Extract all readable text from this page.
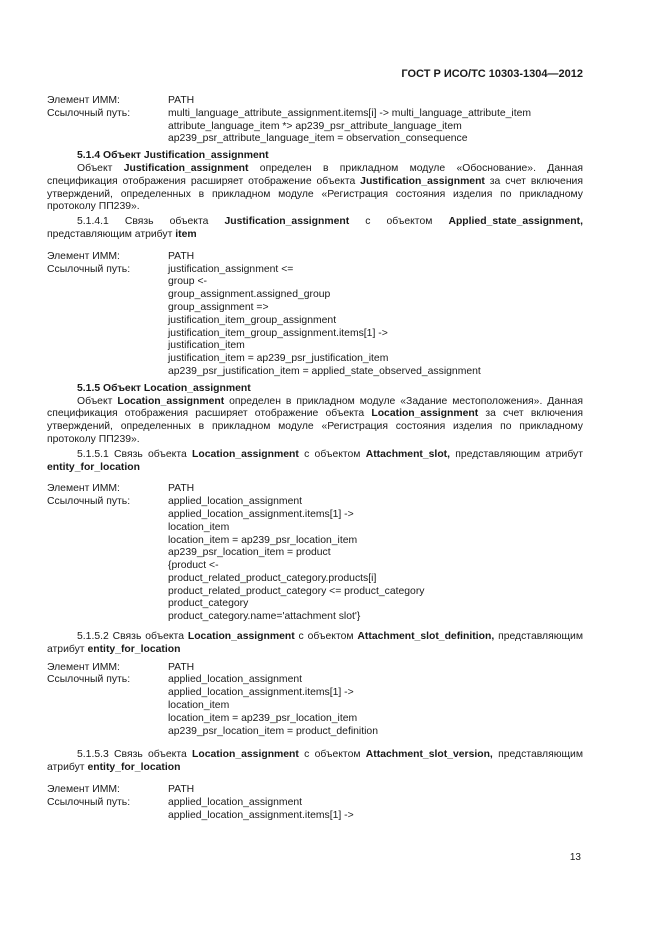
ГОСТ Р ИСО/ТС 10303-1304—2012
Элемент ИММ:	PATH
Ссылочный путь:	multi_language_attribute_assignment.items[i] -> multi_language_attribute_item
attribute_language_item *> ap239_psr_attribute_language_item
ap239_psr_attribute_language_item = observation_consequence
5.1.4 Объект Justification_assignment
Объект Justification_assignment определен в прикладном модуле «Обоснование». Данная спецификация отображения расширяет отображение объекта Justification_assignment за счет включения утверждений, определенных в прикладном модуле «Регистрация состояния изделия по прикладному протоколу ПП239».
5.1.4.1 Связь объекта Justification_assignment с объектом Applied_state_assignment, представляющим атрибут item
Элемент ИММ:	PATH
Ссылочный путь:	justification_assignment <=
group <-
group_assignment.assigned_group
group_assignment =>
justification_item_group_assignment
justification_item_group_assignment.items[1] ->
justification_item
justification_item = ap239_psr_justification_item
ap239_psr_justification_item = applied_state_observed_assignment
5.1.5 Объект Location_assignment
Объект Location_assignment определен в прикладном модуле «Задание местоположения». Данная спецификация отображения расширяет отображение объекта Location_assignment за счет включения утверждений, определенных в прикладном модуле «Регистрация состояния изделия по прикладному протоколу ПП239».
5.1.5.1 Связь объекта Location_assignment с объектом Attachment_slot, представляющим атрибут entity_for_location
Элемент ИММ:	PATH
Ссылочный путь:	applied_location_assignment
applied_location_assignment.items[1] ->
location_item
location_item = ap239_psr_location_item
ap239_psr_location_item = product
{product <-
product_related_product_category.products[i]
product_related_product_category <= product_category
product_category
product_category.name='attachment slot'}
5.1.5.2 Связь объекта Location_assignment с объектом Attachment_slot_definition, представляющим атрибут entity_for_location
Элемент ИММ:	PATH
Ссылочный путь:	applied_location_assignment
applied_location_assignment.items[1] ->
location_item
location_item = ap239_psr_location_item
ap239_psr_location_item = product_definition
5.1.5.3 Связь объекта Location_assignment с объектом Attachment_slot_version, представляющим атрибут entity_for_location
Элемент ИММ:	PATH
Ссылочный путь:	applied_location_assignment
applied_location_assignment.items[1] ->
13
